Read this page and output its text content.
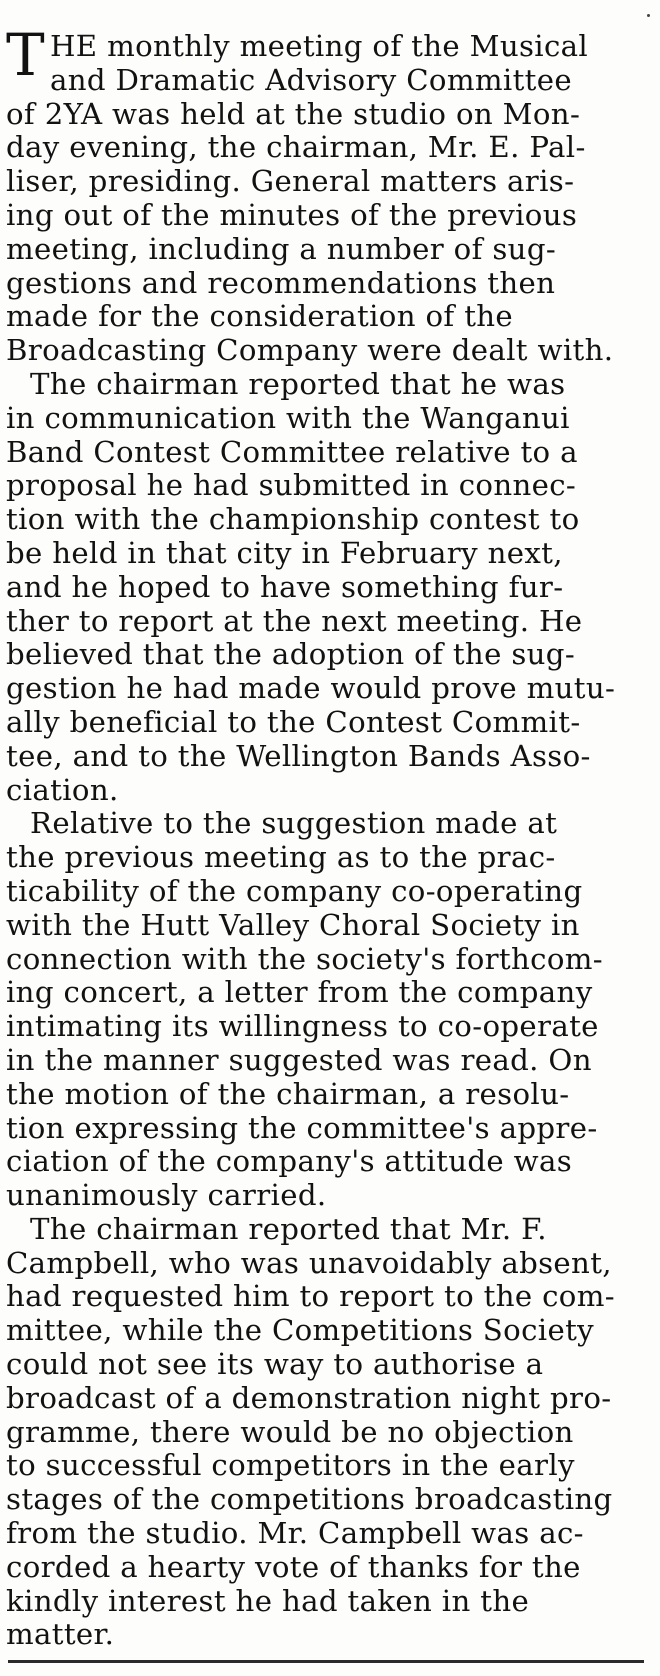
T HE monthly meeting of the Musical
and Dramatic Advisory Committee
of 2YA was held at the studio on Mon-
day evening, the chairman, Mr. E. Pal-
liser, presiding. General matters aris-
ing out of the minutes of the previous
meeting, including a number of sug-
gestions and recommendations then
made for the consideration of the
Broadcasting Company were dealt with.
The chairman reported that he was
in communication with the Wanganui
Band Contest Committee relative to a
proposal he had submitted in connec-
tion with the championship contest to
be held in that city in February next,
and he hoped to have something fur-
ther to report at the next meeting. He
believed that the adoption of the sug-
gestion he had made would prove mutu-
ally beneficial to the Contest Commit-
tee, and to the Wellington Bands Asso-
ciation.
Relative to the suggestion made at
the previous meeting as to the prac-
ticability of the company co-operating
with the Hutt Valley Choral Society in
connection with the society's forthcom-
ing concert, a letter from the company
intimating its willingness to co-operate
in the manner suggested was read. On
the motion of the chairman, a resolu-
tion expressing the committee's appre-
ciation of the company's attitude was
unanimously carried.
The chairman reported that Mr. F.
Campbell, who was unavoidably absent,
had requested him to report to the com-
mittee, while the Competitions Society
could not see its way to authorise a
broadcast of a demonstration night pro-
gramme, there would be no objection
to successful competitors in the early
stages of the competitions broadcasting
from the studio. Mr. Campbell was ac-
corded a hearty vote of thanks for the
kindly interest he had taken in the
matter.
